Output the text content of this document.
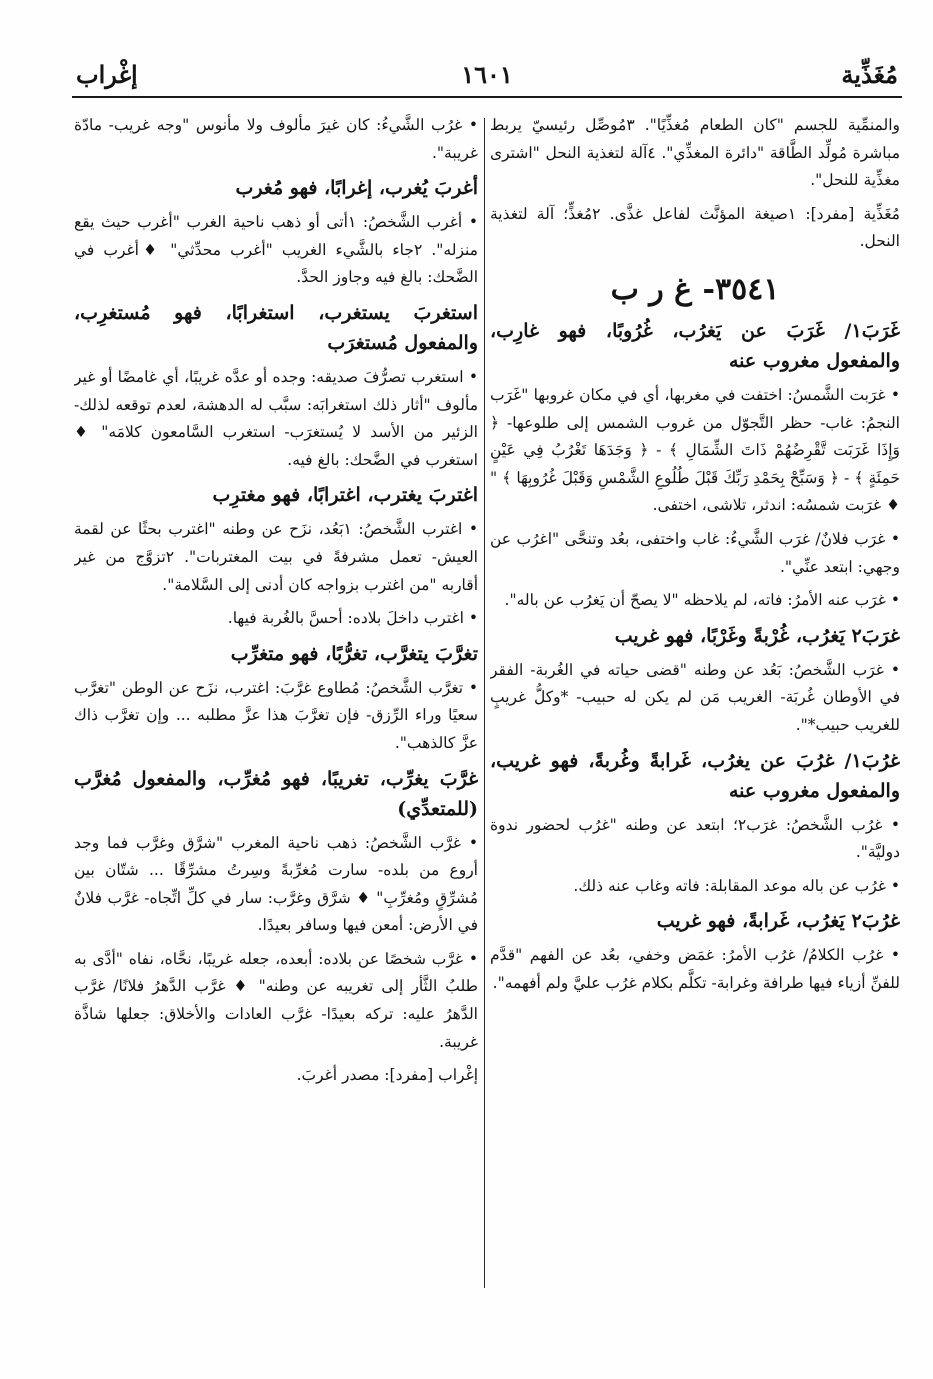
مُغَذِّية
١٦٠١
إغْراب
والمنمِّية للجسم "كان الطعام مُغذِّيًا". ٣مُوصِّل رئيسيّ يربط مباشرة مُولِّد الطَّاقة "دائرة المغذِّي". ٤آلة لتغذية النحل "اشترى مغذِّية للنحل".
مُغَذِّية [مفرد]: ١صيغة المؤنَّث لفاعل غذَّى. ٢مُغذٍّ؛ آلة لتغذية النحل.
٣٥٤١- غ ر ب
غَرَبَ١/ غَرَبَ عن يَغرُب، غُرُوبًا، فهو غارِب، والمفعول مغروب عنه
• غرَبت الشَّمسُ: اختفت في مغربها، أي في مكان غروبها "غَرَب النجمُ: غاب- حظر التَّجوّل من غروب الشمس إلى طلوعها- ﴿ وَإِذَا غَرَبَت تَّقْرِضُهُمْ ذَاتَ الشِّمَالِ ﴾ - ﴿ وَجَدَهَا تَغْرُبُ فِي عَيْنٍ حَمِئَةٍ ﴾ - ﴿ وَسَبِّحْ بِحَمْدِ رَبِّكَ قَبْلَ طُلُوعِ الشَّمْسِ وَقَبْلَ غُرُوبِهَا ﴾ " ♦ غرَبت شمسُه: اندثر، تلاشى، اختفى.
• غرَب فلانٌ/ غرَب الشَّيءُ: غاب واختفى، بعُد وتنحَّى "اغرُب عن وجهي: ابتعد عنِّي".
• غرَب عنه الأمرُ: فاته، لم يلاحظه "لا يصحّ أن يَغرُب عن باله".
غرَبَ٢ يَغرُب، غُرْبةً وغَرْبًا، فهو غريب
• غرَب الشَّخصُ: بَعُد عن وطنه "قضى حياته في الغُربة- الفقر في الأوطان غُربَة- الغريب مَن لم يكن له حبيب- *وكلُّ غريبٍ للغريب حبيب*".
غرُبَ١/ غرُبَ عن يغرُب، غَرابةً وغُربةً، فهو غريب، والمفعول مغروب عنه
• غرُب الشَّخصُ: غرَب٢؛ ابتعد عن وطنه "غرُب لحضور ندوة دوليَّة".
• غرُب عن باله موعد المقابلة: فاته وغاب عنه ذلك.
غرُبَ٢ يَغرُب، غَرابةً، فهو غريب
• غرُب الكلامُ/ غرُب الأمرُ: غمَض وخفي، بعُد عن الفهم "قدَّم للفنِّ أزياء فيها طرافة وغرابة- تكلَّم بكلام غرُب عليَّ ولم أفهمه".
• غرُب الشَّيءُ: كان غيرَ مألوف ولا مأنوس "وجه غريب- مادّة غريبة".
أغربَ يُغرب، إغرابًا، فهو مُغرب
• أغرب الشَّخصُ: ١أتى أو ذهب ناحية الغرب "أغرب حيث يقع منزله". ٢جاء بالشَّيء الغريب "أغرب محدِّثي" ♦أغرب في الضَّحك: بالغ فيه وجاوز الحدَّ.
استغربَ يستغرب، استغرابًا، فهو مُستغرِب، والمفعول مُستغرَب
• استغرب تصرُّفَ صديقه: وجده أو عدَّه غريبًا، أي غامضًا أو غير مألوف "أثار ذلك استغرابَه: سبَّب له الدهشة، لعدم توقعه لذلك- الزئير من الأسد لا يُستغرَب- استغرب السَّامعون كلامَه" ♦ استغرب في الضَّحك: بالغ فيه.
اغتربَ يغترب، اغترابًا، فهو مغترِب
• اغترب الشَّخصُ: ١بَعُد، نزَح عن وطنه "اغترب بحثًا عن لقمة العيش- تعمل مشرفةً في بيت المغتربات". ٢تزوَّج من غير أقاربه "من اغترب بزواجه كان أدنى إلى السَّلامة".
• اغترب داخلَ بلاده: أحسَّ بالغُربة فيها.
تغرَّبَ يتغرَّب، تغرُّبًا، فهو متغرِّب
• تغرَّب الشَّخصُ: مُطاوع غرَّبَ: اغترب، نزَح عن الوطن "تغرَّب سعيًا وراء الرِّزق- فإن تغرَّبَ هذا عزَّ مطلبه ... وإن تغرَّب ذاك عزَّ كالذهب".
غرَّبَ يغرِّب، تغريبًا، فهو مُغرِّب، والمفعول مُغرَّب (للمتعدِّي)
• غرَّب الشَّخصُ: ذهب ناحية المغرب "شرَّق وغرَّب فما وجد أروع من بلده- سارت مُغرِّبةً وسِرتُ مشرِّقًا ... شتّان بين مُشرِّقٍ ومُغرِّبِ" ♦ شرَّق وغرَّب: سار في كلِّ اتِّجاه- غرَّب فلانٌ في الأرض: أمعن فيها وسافر بعيدًا.
• غرَّب شخصًا عن بلاده: أبعده، جعله غريبًا، نحَّاه، نفاه "أدَّى به طلبُ الثَّأر إلى تغريبه عن وطنه" ♦ غرَّب الدَّهرُ فلانًا/ غرَّب الدَّهرُ عليه: تركه بعيدًا- غرَّب العادات والأخلاق: جعلها شاذَّة غريبة.
إغْراب [مفرد]: مصدر أغربَ.
